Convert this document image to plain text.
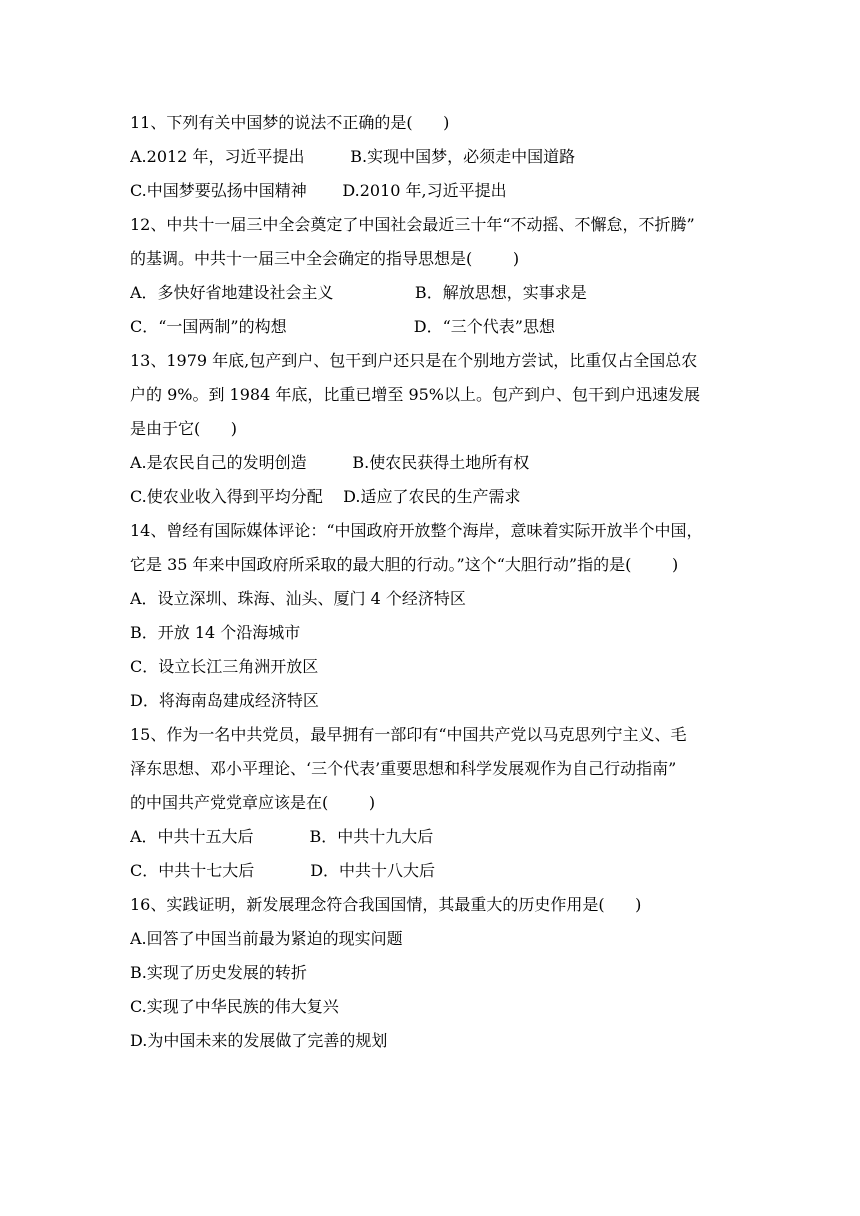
11、下列有关中国梦的说法不正确的是(      )
A.2012 年，习近平提出         B.实现中国梦，必须走中国道路
C.中国梦要弘扬中国精神       D.2010 年,习近平提出
12、中共十一届三中全会奠定了中国社会最近三十年“不动摇、不懈怠，不折腾”
的基调。中共十一届三中全会确定的指导思想是(        )
A．多快好省地建设社会主义                B．解放思想，实事求是
C．“一国两制”的构想                         D．“三个代表”思想
13、1979 年底,包产到户、包干到户还只是在个别地方尝试，比重仅占全国总农
户的 9%。到 1984 年底，比重已增至 95%以上。包产到户、包干到户迅速发展
是由于它(      )
A.是农民自己的发明创造         B.使农民获得土地所有权
C.使农业收入得到平均分配    D.适应了农民的生产需求
14、曾经有国际媒体评论：“中国政府开放整个海岸，意味着实际开放半个中国，
它是 35 年来中国政府所采取的最大胆的行动。”这个“大胆行动”指的是(        )
A．设立深圳、珠海、汕头、厦门 4 个经济特区
B．开放 14 个沿海城市
C．设立长江三角洲开放区
D．将海南岛建成经济特区
15、作为一名中共党员，最早拥有一部印有“中国共产党以马克思列宁主义、毛
泽东思想、邓小平理论、‘三个代表’重要思想和科学发展观作为自己行动指南”
的中国共产党党章应该是在(        )
A．中共十五大后           B．中共十九大后
C．中共十七大后           D．中共十八大后
16、实践证明，新发展理念符合我国国情，其最重大的历史作用是(      )
A.回答了中国当前最为紧迫的现实问题
B.实现了历史发展的转折
C.实现了中华民族的伟大复兴
D.为中国未来的发展做了完善的规划
